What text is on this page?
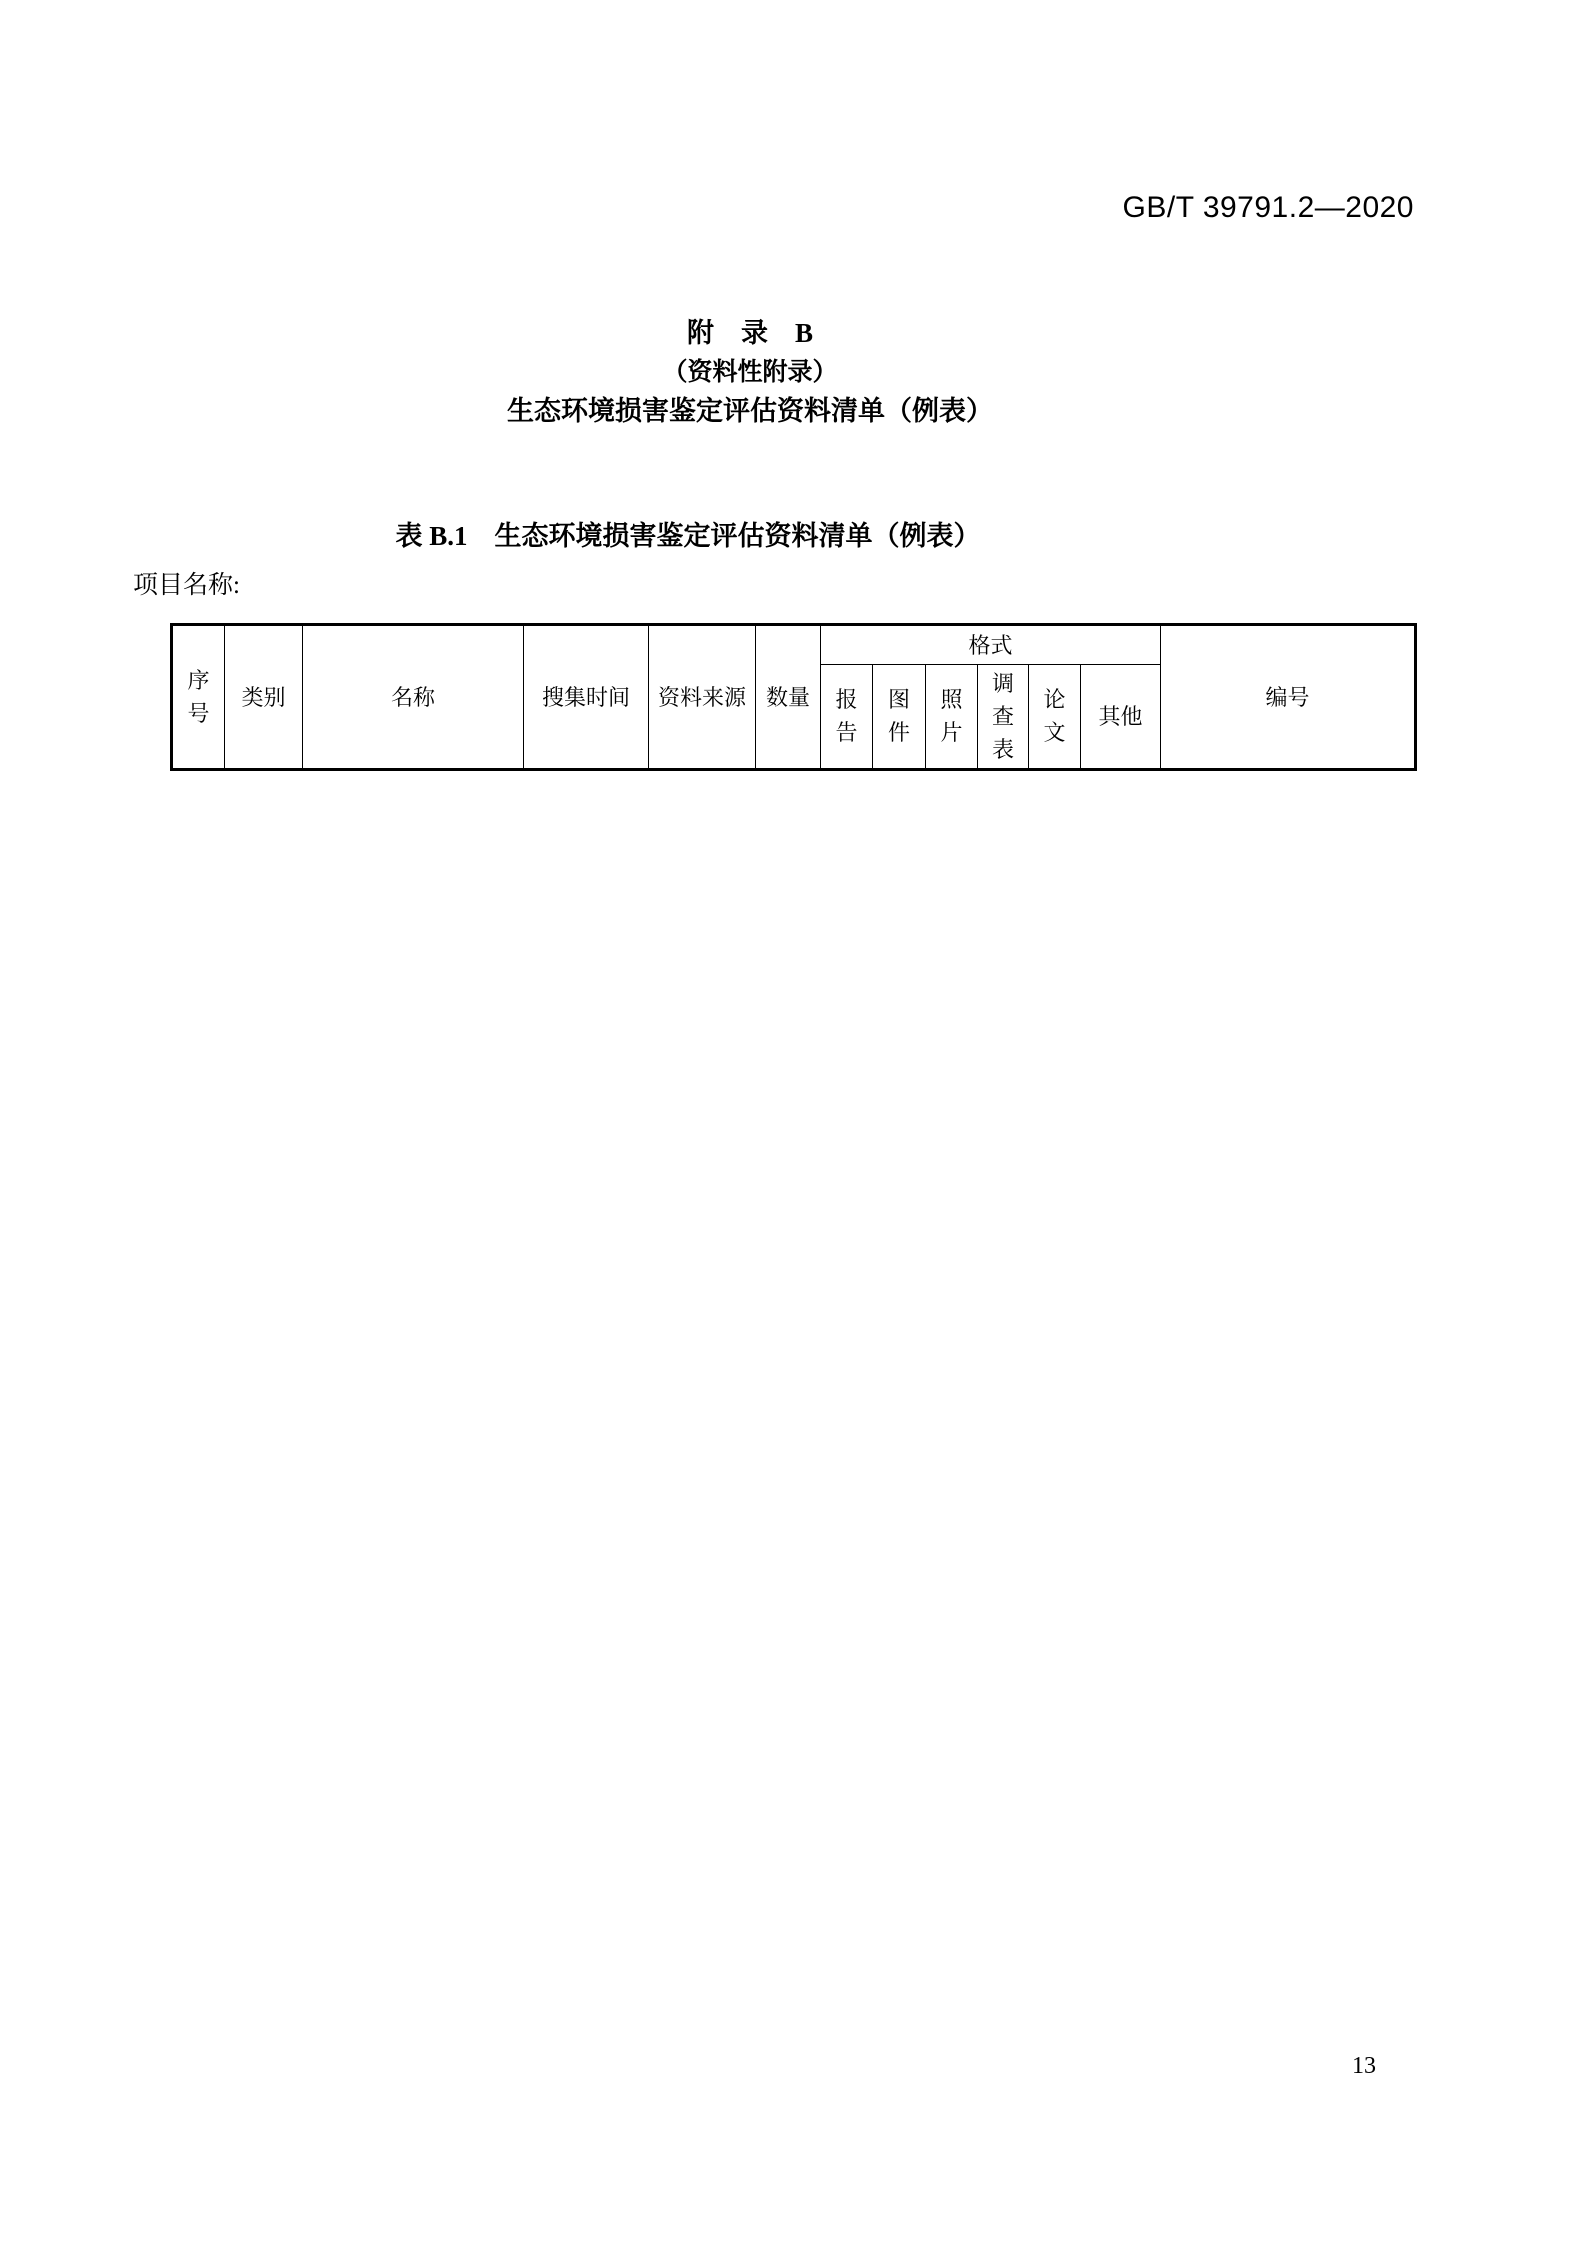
GB/T 39791.2—2020
附　录　B
（资料性附录）
生态环境损害鉴定评估资料清单（例表）
表 B.1　生态环境损害鉴定评估资料清单（例表）
项目名称:
序号	类别	名称	搜集时间	资料来源	数量	格式						编号
						报告	图件	照片	调查表	论文	其他	
13
